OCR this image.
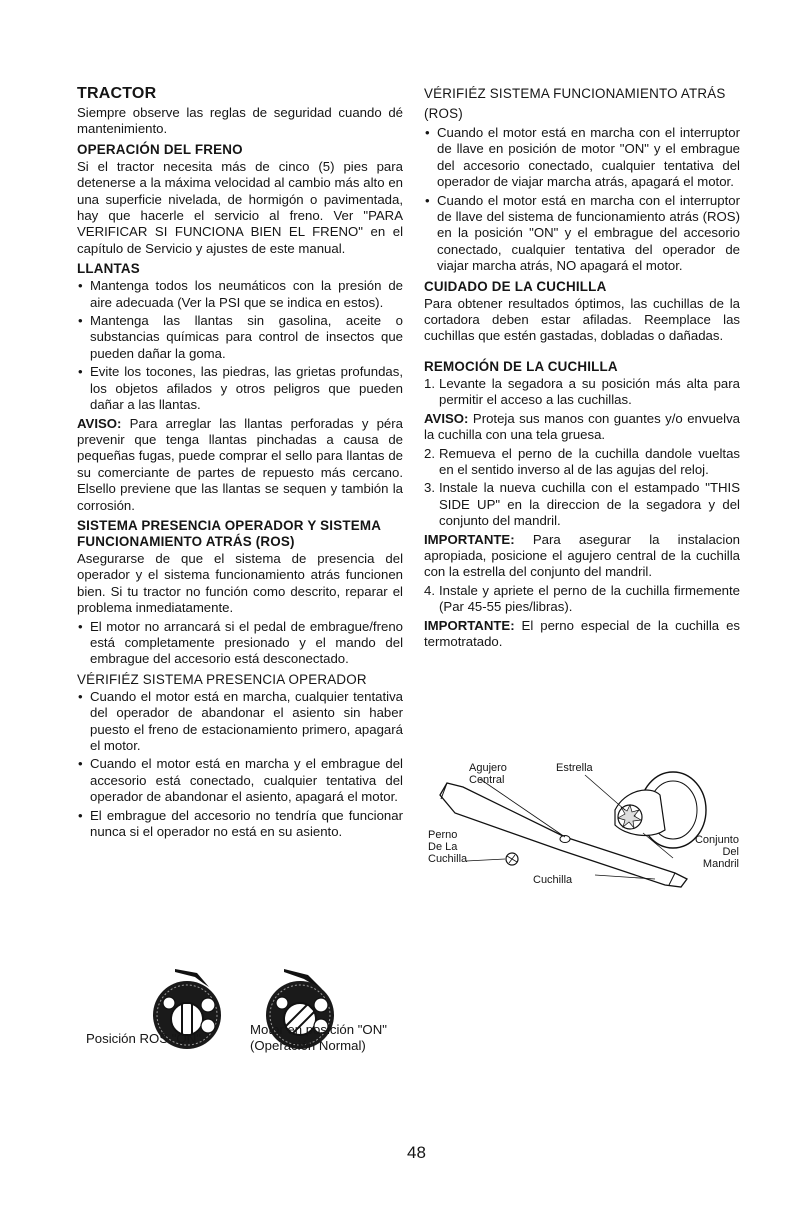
TRACTOR
Siempre observe las reglas de seguridad cuando dé mantenimiento.
OPERACIÓN DEL FRENO
Si el tractor necesita más de cinco (5) pies para detenerse a la máxima velocidad al cambio más alto en una superficie nivelada, de hormigón o pavimentada, hay que hacerle el servicio al freno. Ver "PARA VERIFICAR SI FUNCIONA BIEN EL FRENO" en el capítulo de Servicio y ajustes de este manual.
LLANTAS
• Mantenga todos los neumáticos con la presión de aire adecuada (Ver la PSI que se indica en estos).
• Mantenga las llantas sin gasolina, aceite o substancias químicas para control de insectos que pueden dañar la goma.
• Evite los tocones, las piedras, las grietas profundas, los objetos afilados y otros peligros que pueden dañar a las llantas.
AVISO: Para arreglar las llantas perforadas y péra prevenir que tenga llantas pinchadas a causa de pequeñas fugas, puede comprar el sello para llantas de su comerciante de partes de repuesto más cercano. Elsello previene que las llantas se sequen y tambión la corrosión.
SISTEMA PRESENCIA OPERADOR Y SISTEMA FUNCIONAMIENTO ATRÁS (ROS)
Asegurarse de que el sistema de presencia del operador y el sistema funcionamiento atrás funcionen bien. Si tu tractor no función como descrito, reparar el problema inmediatamente.
• El motor no arrancará si el pedal de embrague/freno está completamente presionado y el mando del embrague del accesorio está desconectado.
VÉRIFIÉZ SISTEMA PRESENCIA OPERADOR
• Cuando el motor está en marcha, cualquier tentativa del operador de abandonar el asiento sin haber puesto el freno de estacionamiento primero, apagará el motor.
• Cuando el motor está en marcha y el embrague del accesorio está conectado, cualquier tentativa del operador de abandonar el asiento, apagará el motor.
• El embrague del accesorio no tendría que funcionar nunca si el operador no está en su asiento.
VÉRIFIÉZ SISTEMA FUNCIONAMIENTO ATRÁS (ROS)
• Cuando el motor está en marcha con el interruptor de llave en posición de motor "ON" y el embrague del accesorio conectado, cualquier tentativa del operador de viajar marcha atrás, apagará el motor.
• Cuando el motor está en marcha con el interruptor de llave del sistema de funcionamiento atrás (ROS) en la posición "ON" y el embrague del accesorio conectado, cualquier tentativa del operador de viajar marcha atrás, NO apagará el motor.
CUIDADO DE LA CUCHILLA
Para obtener resultados óptimos, las cuchillas de la cortadora deben estar afiladas. Reemplace las cuchillas que estén gastadas, dobladas o dañadas.
REMOCIÓN DE LA CUCHILLA
1. Levante la segadora a su posición más alta para permitir el acceso a las cuchillas.
AVISO: Proteja sus manos con guantes y/o envuelva la cuchilla con una tela gruesa.
2. Remueva el perno de la cuchilla dandole vueltas en el sentido inverso al de las agujas del reloj.
3. Instale la nueva cuchilla con el estampado "THIS SIDE UP" en la direccion de la segadora y del conjunto del mandril.
IMPORTANTE: Para asegurar la instalacion apropiada, posicione el agujero central de la cuchilla con la estrella del conjunto del mandril.
4. Instale y apriete el perno de la cuchilla firmemente (Par 45-55 pies/libras).
IMPORTANTE: El perno especial de la cuchilla es termotratado.
Agujero
Central
Estrella
Perno
De La
Cuchilla
Conjunto Del
Mandril
Cuchilla
Posición ROS "ON"
Motor en posición "ON"
(Operación Normal)
48
